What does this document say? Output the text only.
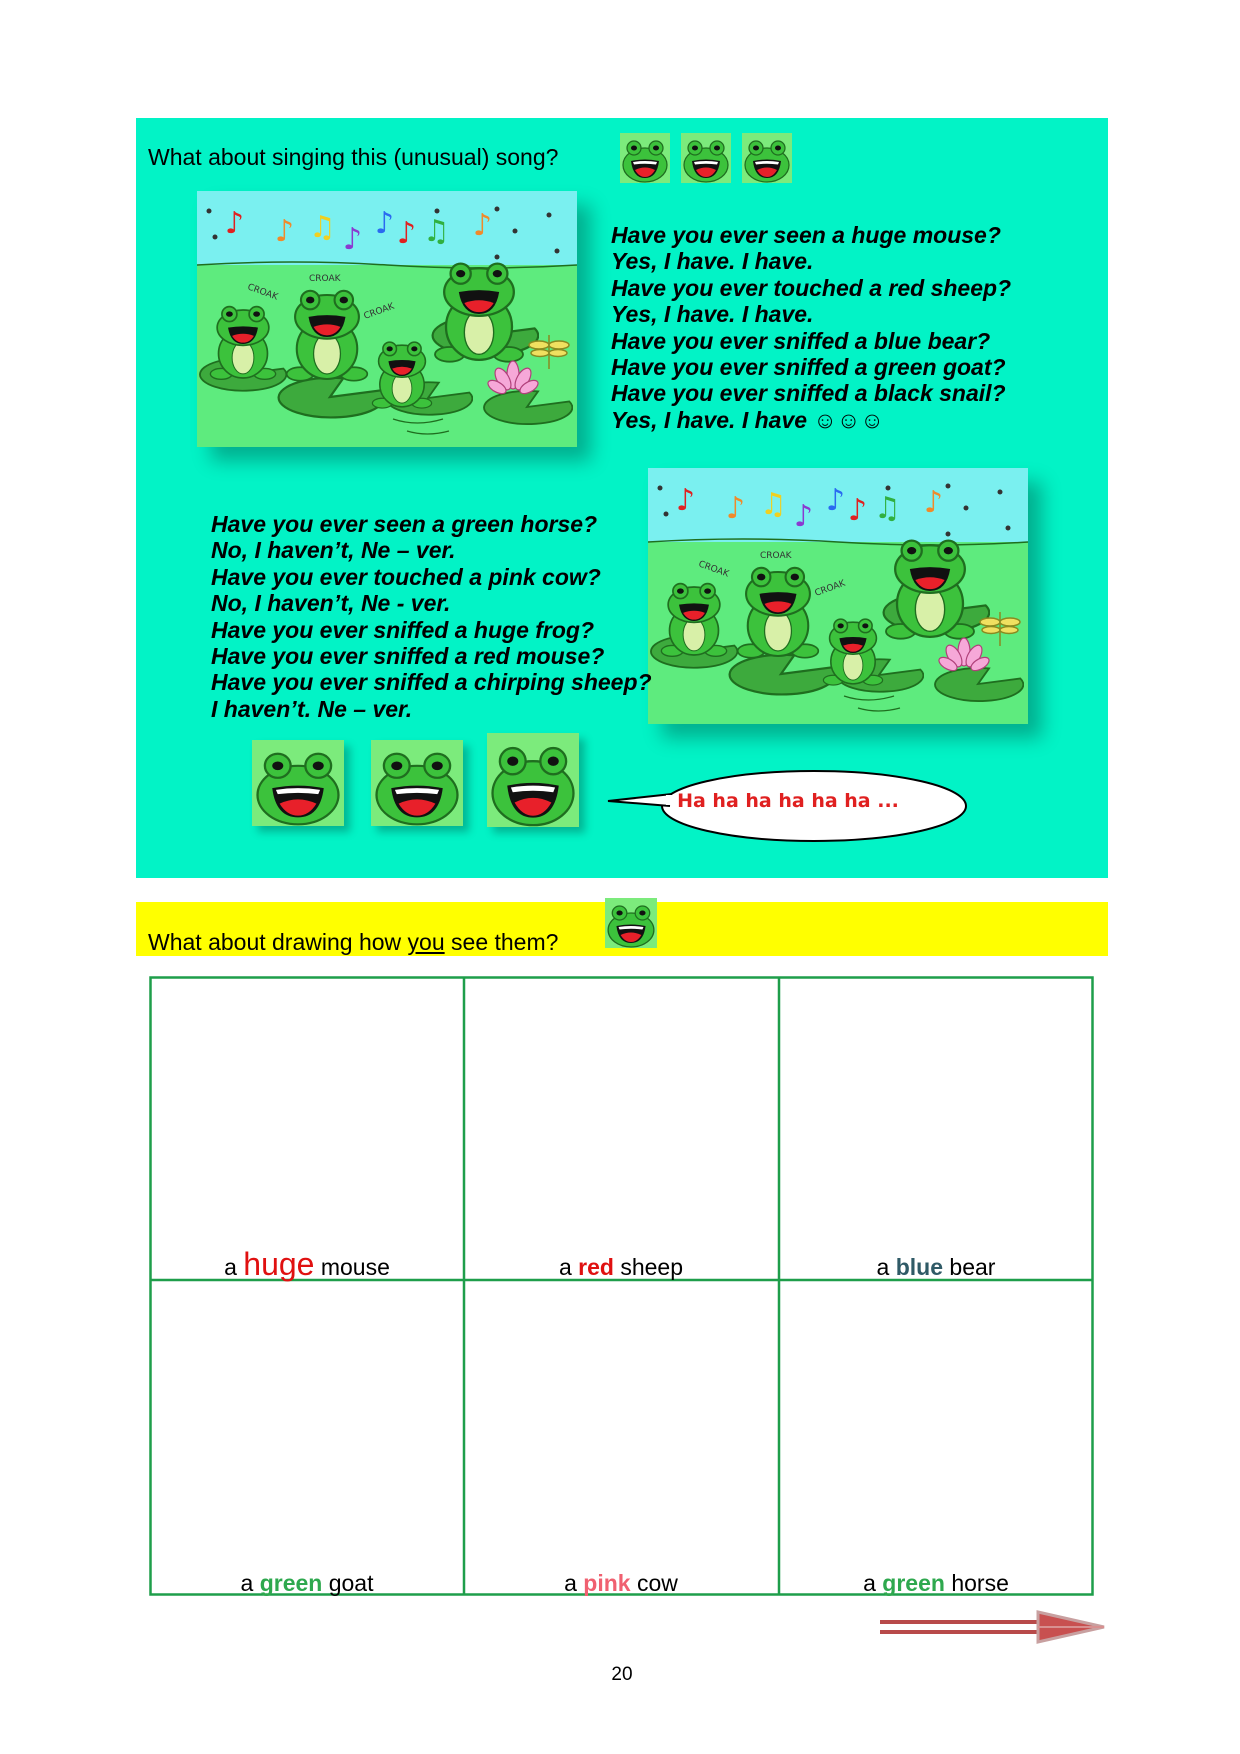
What about singing this (unusual) song?
Have you ever seen a huge mouse?
Yes, I have. I have.
Have you ever touched a red sheep?
Yes, I have. I have.
Have you ever sniffed a blue bear?
Have you ever sniffed a green goat?
Have you ever sniffed a black snail?
Yes, I have. I have ☺☺☺
Have you ever seen a green horse?
No, I haven’t, Ne – ver.
Have you ever touched a pink cow?
No, I haven’t, Ne - ver.
Have you ever sniffed a huge frog?
Have you ever sniffed a red mouse?
Have you ever sniffed a chirping sheep?
I haven’t. Ne – ver.
Ha ha ha ha ha ha ...
What about drawing how you see them?
a huge mouse	a red sheep	a blue bear
a green goat	a pink cow	a green horse
20
